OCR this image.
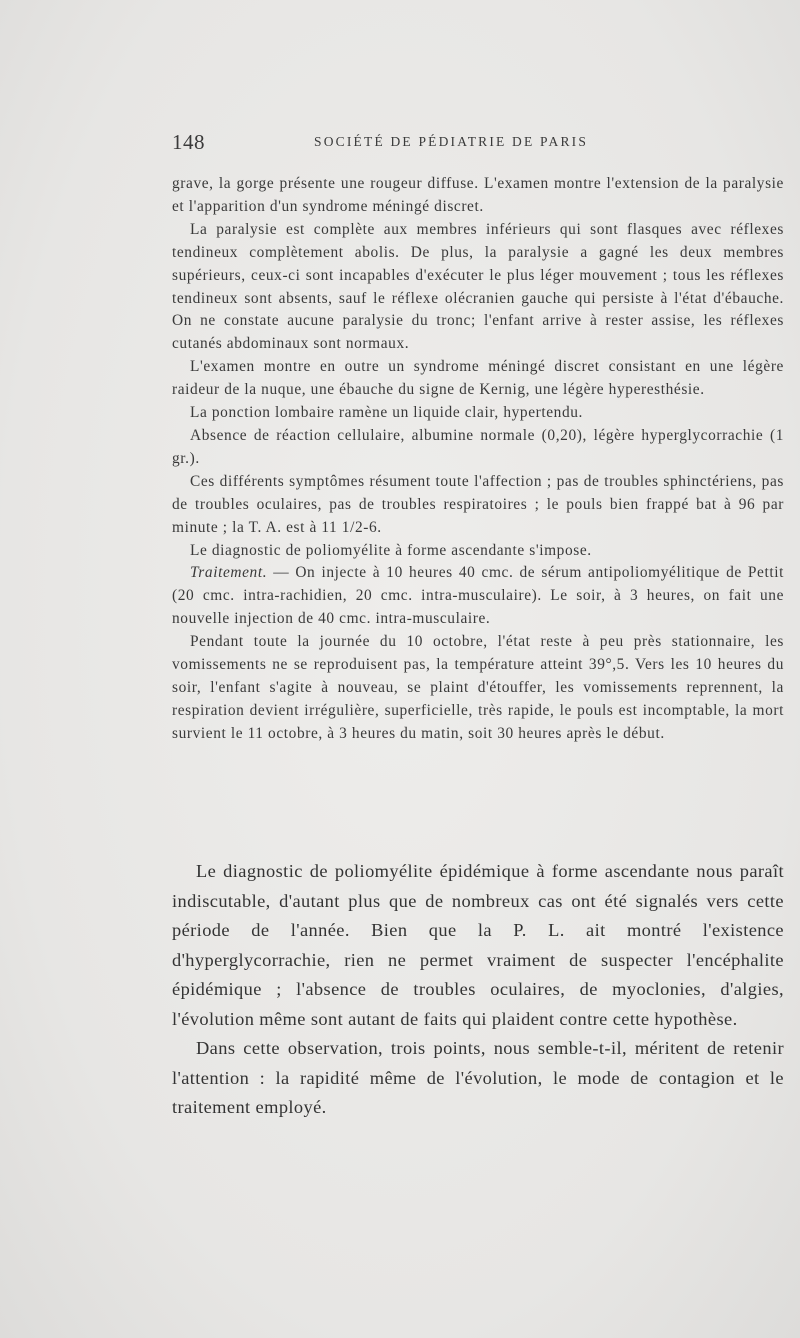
148	SOCIÉTÉ DE PÉDIATRIE DE PARIS

grave, la gorge présente une rougeur diffuse. L'examen montre l'extension de la paralysie et l'apparition d'un syndrome méningé discret.

La paralysie est complète aux membres inférieurs qui sont flasques avec réflexes tendineux complètement abolis. De plus, la paralysie a gagné les deux membres supérieurs, ceux-ci sont incapables d'exécuter le plus léger mouvement ; tous les réflexes tendineux sont absents, sauf le réflexe olécranien gauche qui persiste à l'état d'ébauche. On ne constate aucune paralysie du tronc; l'enfant arrive à rester assise, les réflexes cutanés abdominaux sont normaux.

L'examen montre en outre un syndrome méningé discret consistant en une légère raideur de la nuque, une ébauche du signe de Kernig, une légère hyperesthésie.

La ponction lombaire ramène un liquide clair, hypertendu.

Absence de réaction cellulaire, albumine normale (0,20), légère hyperglycorrachie (1 gr.).

Ces différents symptômes résument toute l'affection ; pas de troubles sphinctériens, pas de troubles oculaires, pas de troubles respiratoires ; le pouls bien frappé bat à 96 par minute ; la T. A. est à 11 1/2-6.

Le diagnostic de poliomyélite à forme ascendante s'impose.

Traitement. — On injecte à 10 heures 40 cmc. de sérum antipoliomyélitique de Pettit (20 cmc. intra-rachidien, 20 cmc. intra-musculaire). Le soir, à 3 heures, on fait une nouvelle injection de 40 cmc. intra-musculaire.

Pendant toute la journée du 10 octobre, l'état reste à peu près stationnaire, les vomissements ne se reproduisent pas, la température atteint 39°,5. Vers les 10 heures du soir, l'enfant s'agite à nouveau, se plaint d'étouffer, les vomissements reprennent, la respiration devient irrégulière, superficielle, très rapide, le pouls est incomptable, la mort survient le 11 octobre, à 3 heures du matin, soit 30 heures après le début.

Le diagnostic de poliomyélite épidémique à forme ascendante nous paraît indiscutable, d'autant plus que de nombreux cas ont été signalés vers cette période de l'année. Bien que la P. L. ait montré l'existence d'hyperglycorrachie, rien ne permet vraiment de suspecter l'encéphalite épidémique ; l'absence de troubles oculaires, de myoclonies, d'algies, l'évolution même sont autant de faits qui plaident contre cette hypothèse.

Dans cette observation, trois points, nous semble-t-il, méritent de retenir l'attention : la rapidité même de l'évolution, le mode de contagion et le traitement employé.
